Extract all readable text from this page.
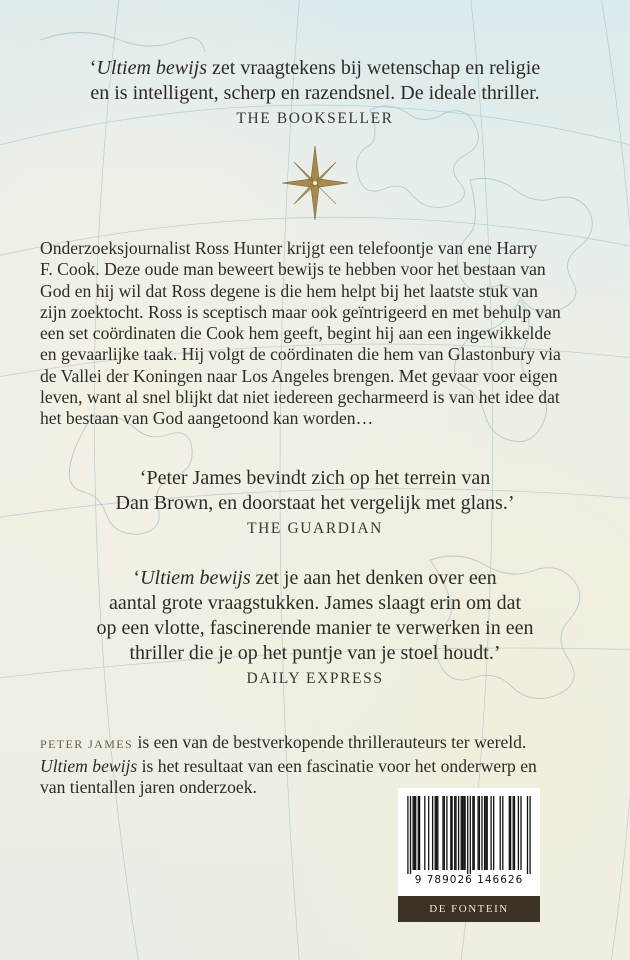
‘Ultiem bewijs zet vraagtekens bij wetenschap en religie

en is intelligent, scherp en razendsnel. De ideale thriller.

THE BOOKSELLER

Onderzoeksjournalist Ross Hunter krijgt een telefoontje van ene Harry

F. Cook. Deze oude man beweert bewijs te hebben voor het bestaan van

God en hij wil dat Ross degene is die hem helpt bij het laatste stuk van

zijn zoektocht. Ross is sceptisch maar ook geïntrigeerd en met behulp van

een set coördinaten die Cook hem geeft, begint hij aan een ingewikkelde

en gevaarlijke taak. Hij volgt de coördinaten die hem van Glastonbury via

de Vallei der Koningen naar Los Angeles brengen. Met gevaar voor eigen

leven, want al snel blijkt dat niet iedereen gecharmeerd is van het idee dat

het bestaan van God aangetoond kan worden…

‘Peter James bevindt zich op het terrein van

Dan Brown, en doorstaat het vergelijk met glans.’

THE GUARDIAN

‘Ultiem bewijs zet je aan het denken over een

aantal grote vraagstukken. James slaagt erin om dat

op een vlotte, fascinerende manier te verwerken in een

thriller die je op het puntje van je stoel houdt.’

DAILY EXPRESS

PETER JAMES is een van de bestverkopende thrillerauteurs ter wereld.

Ultiem bewijs is het resultaat van een fascinatie voor het onderwerp en

van tientallen jaren onderzoek.

9 789026 146626
DE FONTEIN
